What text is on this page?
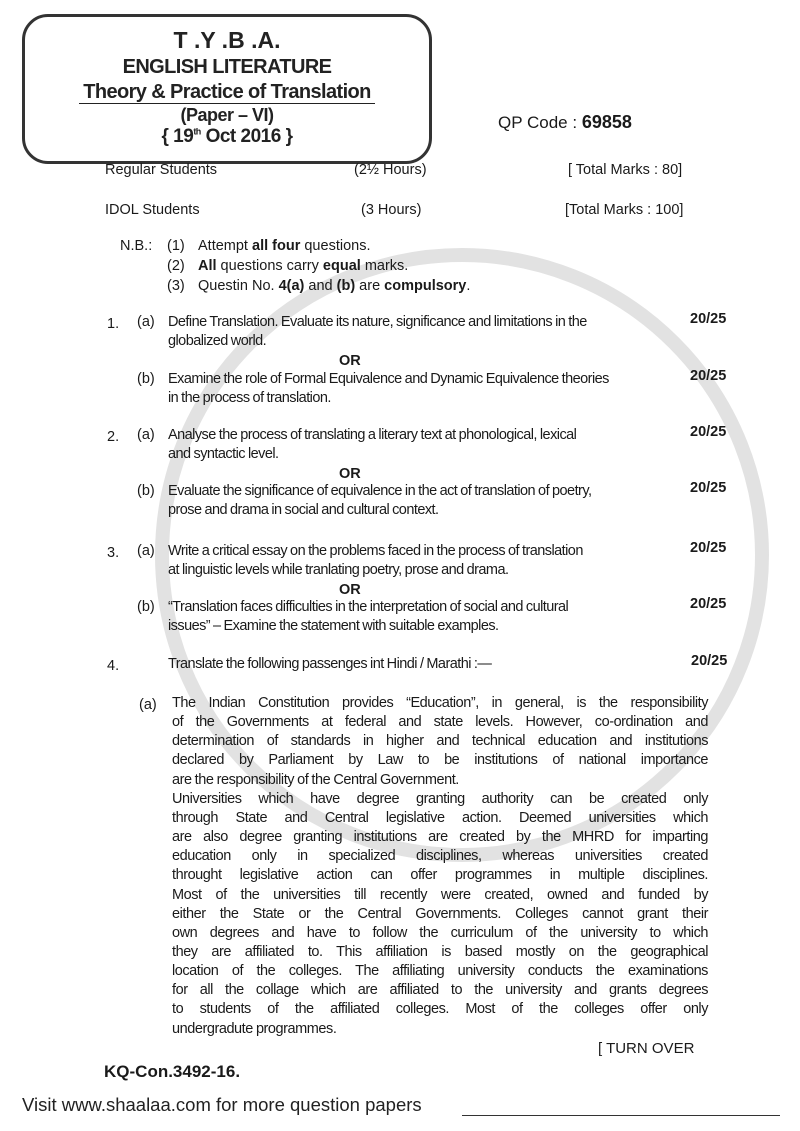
T .Y .B .A.
ENGLISH LITERATURE
Theory & Practice of Translation
(Paper – VI)
{ 19th Oct 2016 }
QP Code : 69858
Regular Students	(2½ Hours)	[ Total Marks : 80]
IDOL Students	(3 Hours)	[Total Marks : 100]
N.B.: (1) Attempt all four questions.
(2) All questions carry equal marks.
(3) Questin No. 4(a) and (b) are compulsory.
1. (a) Define Translation. Evaluate its nature, significance and limitations in the
globalized world.
20/25
OR
(b) Examine the role of Formal Equivalence and Dynamic Equivalence theories
in the process of translation.
20/25
2. (a) Analyse the process of translating a literary text at phonological, lexical
and syntactic level.
20/25
OR
(b) Evaluate the significance of equivalence in the act of translation of poetry,
prose and drama in social and cultural context.
20/25
3. (a) Write a critical essay on the problems faced in the process of translation
at linguistic levels while tranlating poetry, prose and drama.
20/25
OR
(b) “Translation faces difficulties in the interpretation of social and cultural
issues” – Examine the statement with suitable examples.
20/25
4.	Translate the following passenges int Hindi / Marathi :—	20/25
(a) The Indian Constitution provides “Education”, in general, is the responsibility
of the Governments at federal and state levels. However, co-ordination and
determination of standards in higher and technical education and institutions
declared by Parliament by Law to be institutions of national importance
are the responsibility of the Central Government.
Universities which have degree granting authority can be created only
through State and Central legislative action. Deemed universities which
are also degree granting institutions are created by the MHRD for imparting
education only in specialized disciplines, whereas universities created
throught legislative action can offer programmes in multiple disciplines.
Most of the universities till recently were created, owned and funded by
either the State or the Central Governments. Colleges cannot grant their
own degrees and have to follow the curriculum of the university to which
they are affiliated to. This affiliation is based mostly on the geographical
location of the colleges. The affiliating university conducts the examinations
for all the collage which are affiliated to the university and grants degrees
to students of the affiliated colleges. Most of the colleges offer only
undergradute programmes.
[ TURN OVER
KQ-Con.3492-16.
Visit www.shaalaa.com for more question papers
